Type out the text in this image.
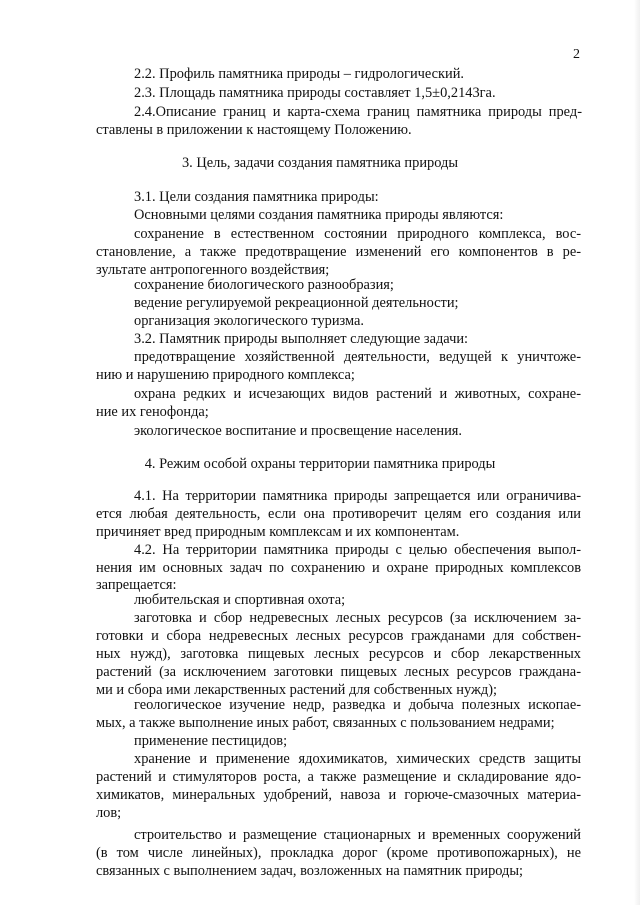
2
2.2. Профиль памятника природы – гидрологический.
2.3. Площадь памятника природы составляет 1,5±0,2143га.
2.4.Описание границ и карта-схема границ памятника природы пред-
ставлены в приложении к настоящему Положению.
3. Цель, задачи создания памятника природы
3.1. Цели создания памятника природы:
Основными целями создания памятника природы являются:
сохранение в естественном состоянии природного комплекса, вос-
становление, а также предотвращение изменений его компонентов в ре-
зультате антропогенного воздействия;
сохранение биологического разнообразия;
ведение регулируемой рекреационной деятельности;
организация экологического туризма.
3.2. Памятник природы выполняет следующие задачи:
предотвращение хозяйственной деятельности, ведущей к уничтоже-
нию и нарушению природного комплекса;
охрана редких и исчезающих видов растений и животных, сохране-
ние их генофонда;
экологическое воспитание и просвещение населения.
4. Режим особой охраны территории памятника природы
4.1. На территории памятника природы запрещается или ограничива-
ется любая деятельность, если она противоречит целям его создания или
причиняет вред природным комплексам и их компонентам.
4.2. На территории памятника природы с целью обеспечения выпол-
нения им основных задач по сохранению и охране природных комплексов
запрещается:
любительская и спортивная охота;
заготовка и сбор недревесных лесных ресурсов (за исключением за-
готовки и сбора недревесных лесных ресурсов гражданами для собствен-
ных нужд), заготовка пищевых лесных ресурсов и сбор лекарственных
растений (за исключением заготовки пищевых лесных ресурсов граждана-
ми и сбора ими лекарственных растений для собственных нужд);
геологическое изучение недр, разведка и добыча полезных ископае-
мых, а также выполнение иных работ, связанных с пользованием недрами;
применение пестицидов;
хранение и применение ядохимикатов, химических средств защиты
растений и стимуляторов роста, а также размещение и складирование ядо-
химикатов, минеральных удобрений, навоза и горюче-смазочных материа-
лов;
строительство и размещение стационарных и временных сооружений
(в том числе линейных), прокладка дорог (кроме противопожарных), не
связанных с выполнением задач, возложенных на памятник природы;
